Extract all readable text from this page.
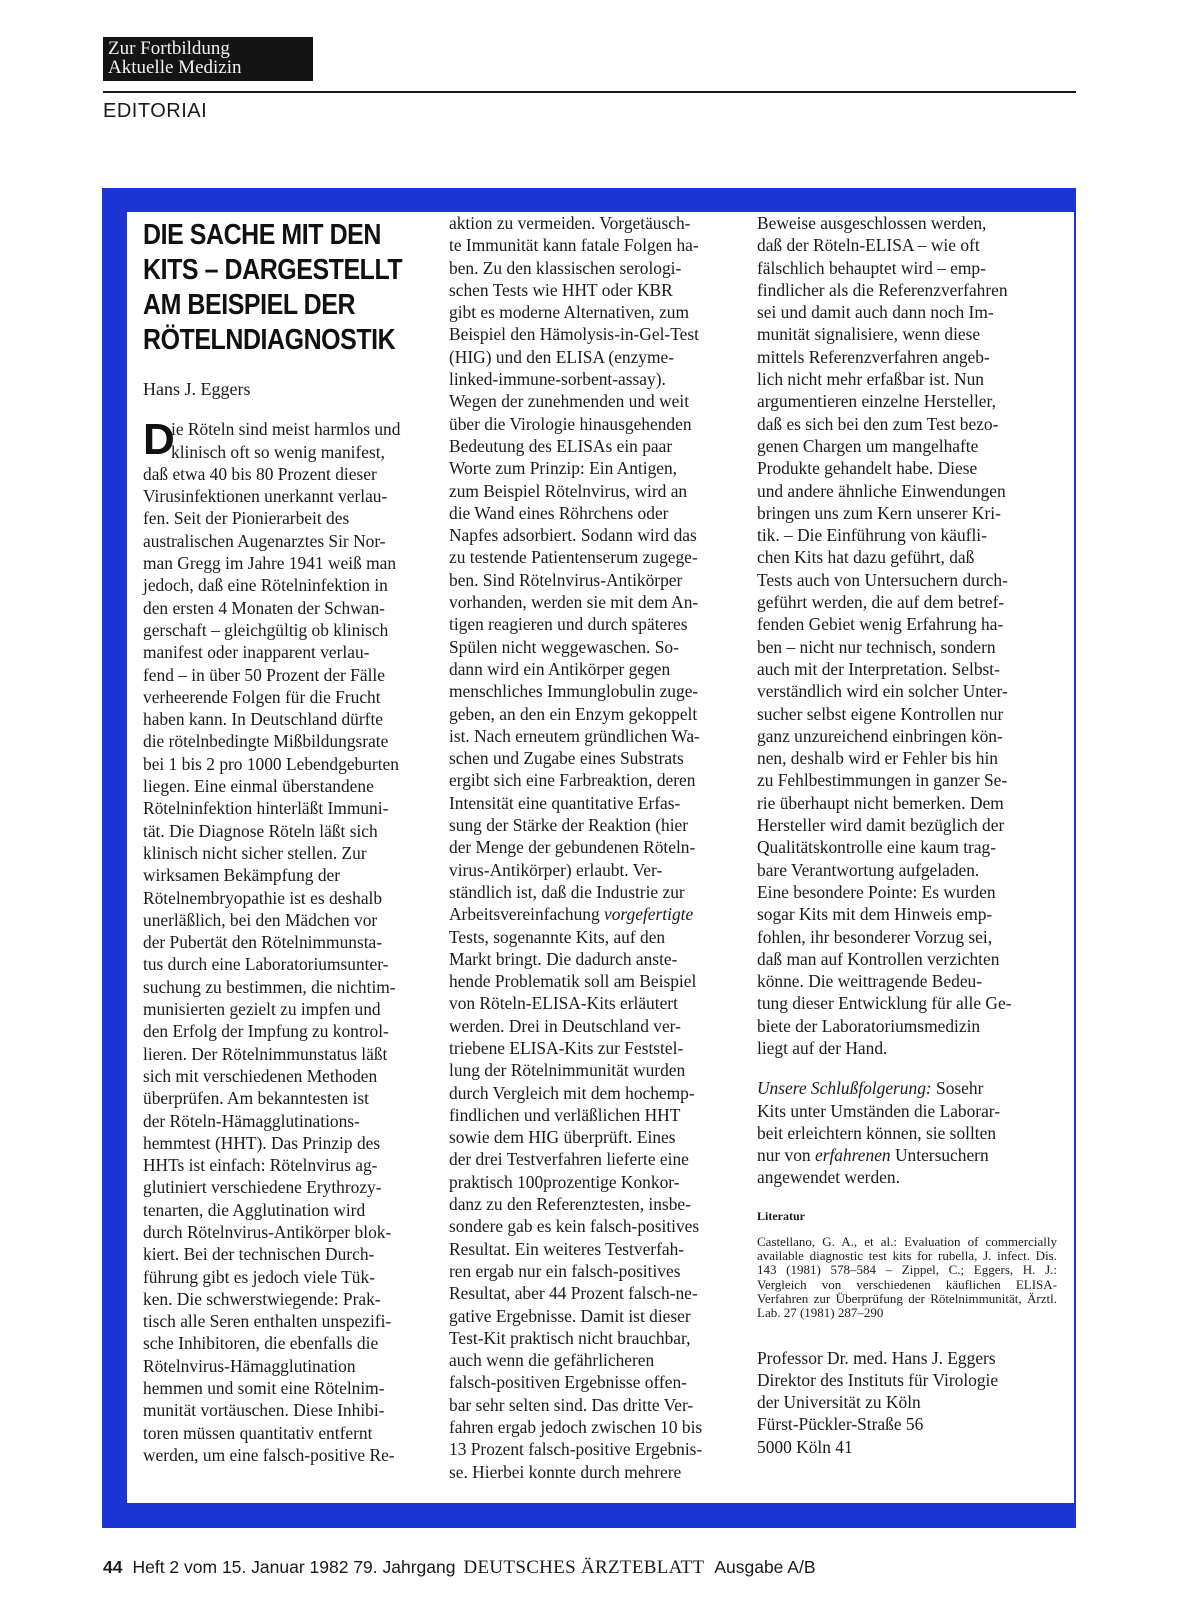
Zur Fortbildung
Aktuelle Medizin
EDITORIAI
DIE SACHE MIT DEN
KITS – DARGESTELLT
AM BEISPIEL DER
RÖTELNDIAGNOSTIK
Hans J. Eggers
D
ie Röteln sind meist harmlos und
klinisch oft so wenig manifest,
daß etwa 40 bis 80 Prozent dieser
Virusinfektionen unerkannt verlau-
fen. Seit der Pionierarbeit des
australischen Augenarztes Sir Nor-
man Gregg im Jahre 1941 weiß man
jedoch, daß eine Rötelninfektion in
den ersten 4 Monaten der Schwan-
gerschaft – gleichgültig ob klinisch
manifest oder inapparent verlau-
fend – in über 50 Prozent der Fälle
verheerende Folgen für die Frucht
haben kann. In Deutschland dürfte
die rötelnbedingte Mißbildungsrate
bei 1 bis 2 pro 1000 Lebendgeburten
liegen. Eine einmal überstandene
Rötelninfektion hinterläßt Immuni-
tät. Die Diagnose Röteln läßt sich
klinisch nicht sicher stellen. Zur
wirksamen Bekämpfung der
Rötelnembryopathie ist es deshalb
unerläßlich, bei den Mädchen vor
der Pubertät den Rötelnimmunsta-
tus durch eine Laboratoriumsunter-
suchung zu bestimmen, die nichtim-
munisierten gezielt zu impfen und
den Erfolg der Impfung zu kontrol-
lieren. Der Rötelnimmunstatus läßt
sich mit verschiedenen Methoden
überprüfen. Am bekanntesten ist
der Röteln-Hämagglutinations-
hemmtest (HHT). Das Prinzip des
HHTs ist einfach: Rötelnvirus ag-
glutiniert verschiedene Erythrozy-
tenarten, die Agglutination wird
durch Rötelnvirus-Antikörper blok-
kiert. Bei der technischen Durch-
führung gibt es jedoch viele Tük-
ken. Die schwerstwiegende: Prak-
tisch alle Seren enthalten unspezifi-
sche Inhibitoren, die ebenfalls die
Rötelnvirus-Hämagglutination
hemmen und somit eine Rötelnim-
munität vortäuschen. Diese Inhibi-
toren müssen quantitativ entfernt
werden, um eine falsch-positive Re-
aktion zu vermeiden. Vorgetäusch-
te Immunität kann fatale Folgen ha-
ben. Zu den klassischen serologi-
schen Tests wie HHT oder KBR
gibt es moderne Alternativen, zum
Beispiel den Hämolysis-in-Gel-Test
(HIG) und den ELISA (enzyme-
linked-immune-sorbent-assay).
Wegen der zunehmenden und weit
über die Virologie hinausgehenden
Bedeutung des ELISAs ein paar
Worte zum Prinzip: Ein Antigen,
zum Beispiel Rötelnvirus, wird an
die Wand eines Röhrchens oder
Napfes adsorbiert. Sodann wird das
zu testende Patientenserum zugege-
ben. Sind Rötelnvirus-Antikörper
vorhanden, werden sie mit dem An-
tigen reagieren und durch späteres
Spülen nicht weggewaschen. So-
dann wird ein Antikörper gegen
menschliches Immunglobulin zuge-
geben, an den ein Enzym gekoppelt
ist. Nach erneutem gründlichen Wa-
schen und Zugabe eines Substrats
ergibt sich eine Farbreaktion, deren
Intensität eine quantitative Erfas-
sung der Stärke der Reaktion (hier
der Menge der gebundenen Röteln-
virus-Antikörper) erlaubt. Ver-
ständlich ist, daß die Industrie zur
Arbeitsvereinfachung vorgefertigte
Tests, sogenannte Kits, auf den
Markt bringt. Die dadurch anste-
hende Problematik soll am Beispiel
von Röteln-ELISA-Kits erläutert
werden. Drei in Deutschland ver-
triebene ELISA-Kits zur Feststel-
lung der Rötelnimmunität wurden
durch Vergleich mit dem hochemp-
findlichen und verläßlichen HHT
sowie dem HIG überprüft. Eines
der drei Testverfahren lieferte eine
praktisch 100prozentige Konkor-
danz zu den Referenztesten, insbe-
sondere gab es kein falsch-positives
Resultat. Ein weiteres Testverfah-
ren ergab nur ein falsch-positives
Resultat, aber 44 Prozent falsch-ne-
gative Ergebnisse. Damit ist dieser
Test-Kit praktisch nicht brauchbar,
auch wenn die gefährlicheren
falsch-positiven Ergebnisse offen-
bar sehr selten sind. Das dritte Ver-
fahren ergab jedoch zwischen 10 bis
13 Prozent falsch-positive Ergebnis-
se. Hierbei konnte durch mehrere
Beweise ausgeschlossen werden,
daß der Röteln-ELISA – wie oft
fälschlich behauptet wird – emp-
findlicher als die Referenzverfahren
sei und damit auch dann noch Im-
munität signalisiere, wenn diese
mittels Referenzverfahren angeb-
lich nicht mehr erfaßbar ist. Nun
argumentieren einzelne Hersteller,
daß es sich bei den zum Test bezo-
genen Chargen um mangelhafte
Produkte gehandelt habe. Diese
und andere ähnliche Einwendungen
bringen uns zum Kern unserer Kri-
tik. – Die Einführung von käufli-
chen Kits hat dazu geführt, daß
Tests auch von Untersuchern durch-
geführt werden, die auf dem betref-
fenden Gebiet wenig Erfahrung ha-
ben – nicht nur technisch, sondern
auch mit der Interpretation. Selbst-
verständlich wird ein solcher Unter-
sucher selbst eigene Kontrollen nur
ganz unzureichend einbringen kön-
nen, deshalb wird er Fehler bis hin
zu Fehlbestimmungen in ganzer Se-
rie überhaupt nicht bemerken. Dem
Hersteller wird damit bezüglich der
Qualitätskontrolle eine kaum trag-
bare Verantwortung aufgeladen.
Eine besondere Pointe: Es wurden
sogar Kits mit dem Hinweis emp-
fohlen, ihr besonderer Vorzug sei,
daß man auf Kontrollen verzichten
könne. Die weittragende Bedeu-
tung dieser Entwicklung für alle Ge-
biete der Laboratoriumsmedizin
liegt auf der Hand.
Unsere Schlußfolgerung: Sosehr
Kits unter Umständen die Laborar-
beit erleichtern können, sie sollten
nur von erfahrenen Untersuchern
angewendet werden.
Literatur
Castellano, G. A., et al.: Evaluation of commercially available diagnostic test kits for rubella, J. infect. Dis. 143 (1981) 578–584 – Zippel, C.; Eggers, H. J.: Vergleich von verschiedenen käuflichen ELISA-Verfahren zur Überprüfung der Rötelnimmunität, Ärztl. Lab. 27 (1981) 287–290
Professor Dr. med. Hans J. Eggers
Direktor des Instituts für Virologie
der Universität zu Köln
Fürst-Pückler-Straße 56
5000 Köln 41
44 Heft 2 vom 15. Januar 1982 79. Jahrgang DEUTSCHES ÄRZTEBLATT Ausgabe A/B
